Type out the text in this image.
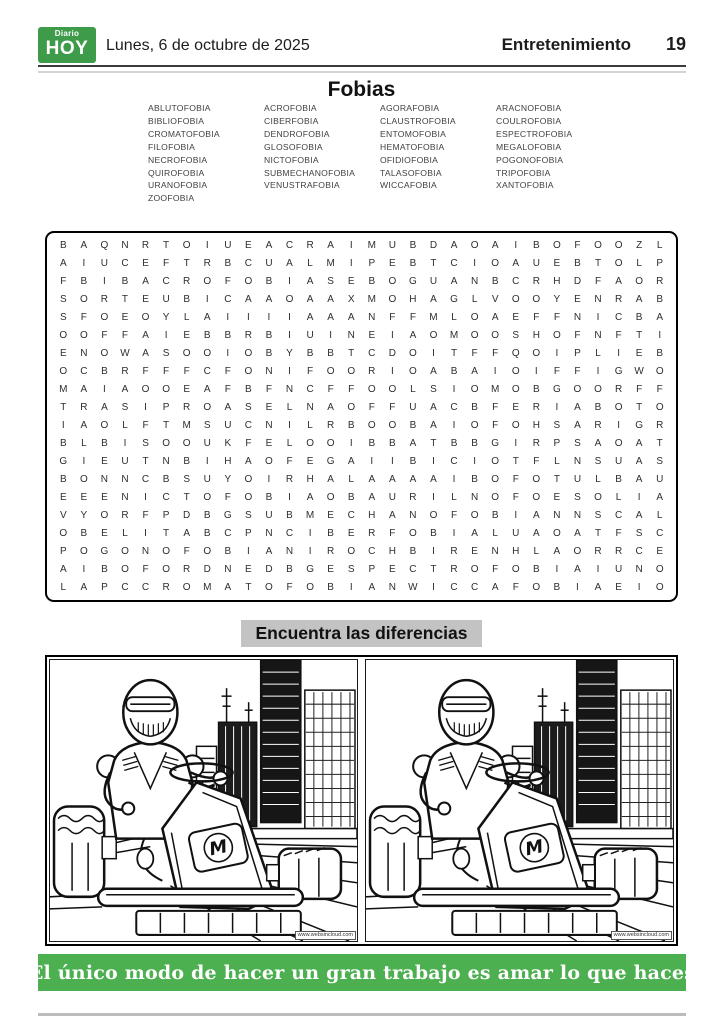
Diario
HOY	Lunes, 6 de octubre de 2025	Entretenimiento 19
Fobias
ABLUTOFOBIA
BIBLIOFOBIA
CROMATOFOBIA
FILOFOBIA
NECROFOBIA
QUIROFOBIA
URANOFOBIA
ZOOFOBIA
ACROFOBIA
CIBERFOBIA
DENDROFOBIA
GLOSOFOBIA
NICTOFOBIA
SUBMECHANOFOBIA
VENUSTRAFOBIA
AGORAFOBIA
CLAUSTROFOBIA
ENTOMOFOBIA
HEMATOFOBIA
OFIDIOFOBIA
TALASOFOBIA
WICCAFOBIA
ARACNOFOBIA
COULROFOBIA
ESPECTROFOBIA
MEGALOFOBIA
POGONOFOBIA
TRIPOFOBIA
XANTOFOBIA
B	A	Q	N	R	T	O	I	U	E	A	C	R	A	I	M	U	B	D	A	O	A	I	B	O	F	O	O	Z	L
A	I	U	C	E	F	T	R	B	C	U	A	L	M	I	P	E	B	T	C	I	O	A	U	E	B	T	O	L	P
F	B	I	B	A	C	R	O	F	O	B	I	A	S	E	B	O	G	U	A	N	B	C	R	H	D	F	A	O	R
S	O	R	T	E	U	B	I	C	A	A	O	A	A	X	M	O	H	A	G	L	V	O	O	Y	E	N	R	A	B
S	F	O	E	O	Y	L	A	I	I	I	I	A	A	A	N	F	F	M	L	O	A	E	F	F	N	I	C	B	A
O	O	F	F	A	I	E	B	B	R	B	I	U	I	N	E	I	A	O	M	O	O	S	H	O	F	N	F	T	I
E	N	O	W	A	S	O	O	I	O	B	Y	B	B	T	C	D	O	I	T	F	F	Q	O	I	P	L	I	E	B
O	C	B	R	F	F	F	C	F	O	N	I	F	O	O	R	I	O	A	B	A	I	O	I	F	F	I	G	W	O
M	A	I	A	O	O	E	A	F	B	F	N	C	F	F	O	O	L	S	I	O	M	O	B	G	O	O	R	F	F
T	R	A	S	I	P	R	O	A	S	E	L	N	A	O	F	F	U	A	C	B	F	E	R	I	A	B	O	T	O
I	A	O	L	F	T	M	S	U	C	N	I	L	R	B	O	O	B	A	I	O	F	O	H	S	A	R	I	G	R
B	L	B	I	S	O	O	U	K	F	E	L	O	O	I	B	B	A	T	B	B	G	I	R	P	S	A	O	A	T
G	I	E	U	T	N	B	I	H	A	O	F	E	G	A	I	I	B	I	C	I	O	T	F	L	N	S	U	A	S
B	O	N	N	C	B	S	U	Y	O	I	R	H	A	L	A	A	A	A	I	B	O	F	O	T	U	L	B	A	U
E	E	E	N	I	C	T	O	F	O	B	I	A	O	B	A	U	R	I	L	N	O	F	O	E	S	O	L	I	A
V	Y	O	R	F	P	D	B	G	S	U	B	M	E	C	H	A	N	O	F	O	B	I	A	N	N	S	C	A	L
O	B	E	L	I	T	A	B	C	P	N	C	I	B	E	R	F	O	B	I	A	L	U	A	O	A	T	F	S	C
P	O	G	O	N	O	F	O	B	I	A	N	I	R	O	C	H	B	I	R	E	N	H	L	A	O	R	R	C	E
A	I	B	O	F	O	R	D	N	E	D	B	G	E	S	P	E	C	T	R	O	F	O	B	I	A	I	U	N	O
L	A	P	C	C	R	O	M	A	T	O	F	O	B	I	A	N	W	I	C	C	A	F	O	B	I	A	E	I	O
Encuentra las diferencias
M
www.websincloud.com
M
www.websincloud.com
“El único modo de hacer un gran trabajo es amar lo que haces”
